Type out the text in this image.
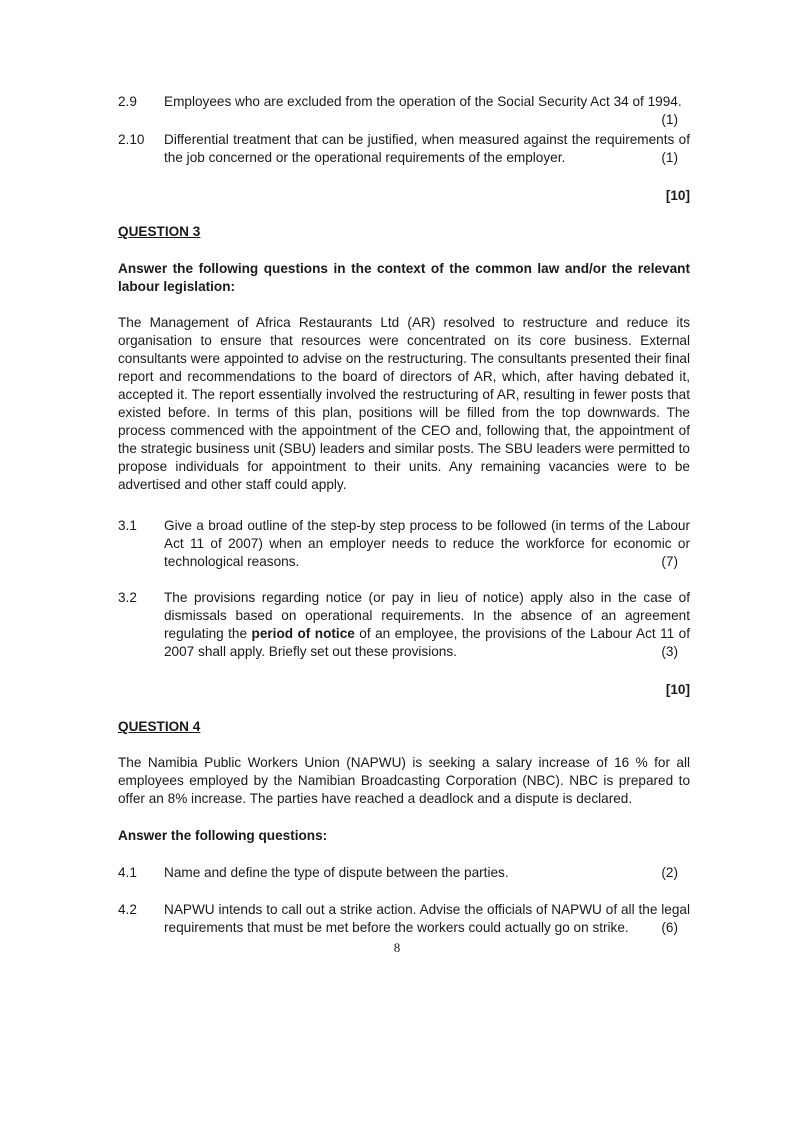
2.9 Employees who are excluded from the operation of the Social Security Act 34 of 1994.
(1)
2.10 Differential treatment that can be justified, when measured against the requirements of the job concerned or the operational requirements of the employer.	(1)
[10]
QUESTION 3
Answer the following questions in the context of the common law and/or the relevant labour legislation:
The Management of Africa Restaurants Ltd (AR) resolved to restructure and reduce its organisation to ensure that resources were concentrated on its core business. External consultants were appointed to advise on the restructuring. The consultants presented their final report and recommendations to the board of directors of AR, which, after having debated it, accepted it. The report essentially involved the restructuring of AR, resulting in fewer posts that existed before. In terms of this plan, positions will be filled from the top downwards. The process commenced with the appointment of the CEO and, following that, the appointment of the strategic business unit (SBU) leaders and similar posts. The SBU leaders were permitted to propose individuals for appointment to their units. Any remaining vacancies were to be advertised and other staff could apply.
3.1 Give a broad outline of the step-by step process to be followed (in terms of the Labour Act 11 of 2007) when an employer needs to reduce the workforce for economic or technological reasons.	(7)
3.2 The provisions regarding notice (or pay in lieu of notice) apply also in the case of dismissals based on operational requirements. In the absence of an agreement regulating the period of notice of an employee, the provisions of the Labour Act 11 of 2007 shall apply. Briefly set out these provisions.	(3)
[10]
QUESTION 4
The Namibia Public Workers Union (NAPWU) is seeking a salary increase of 16 % for all employees employed by the Namibian Broadcasting Corporation (NBC). NBC is prepared to offer an 8% increase. The parties have reached a deadlock and a dispute is declared.
Answer the following questions:
4.1 Name and define the type of dispute between the parties.	(2)
4.2 NAPWU intends to call out a strike action. Advise the officials of NAPWU of all the legal requirements that must be met before the workers could actually go on strike. (6)
8
